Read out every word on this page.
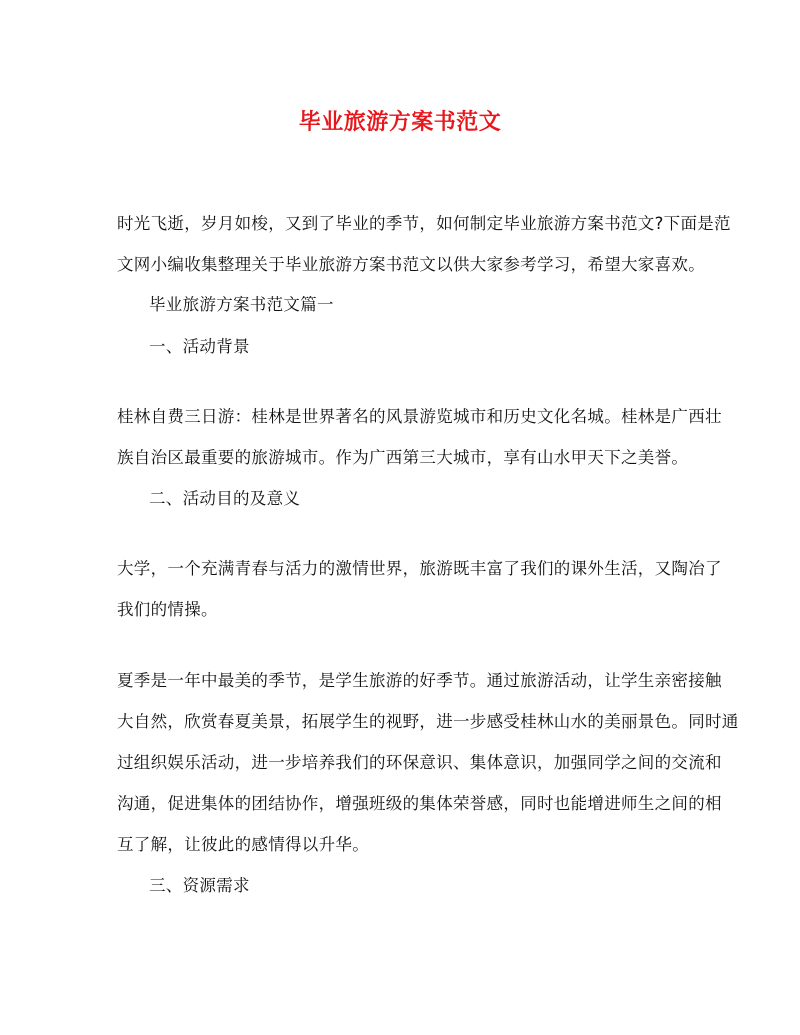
毕业旅游方案书范文
时光飞逝，岁月如梭，又到了毕业的季节，如何制定毕业旅游方案书范文?下面是范
文网小编收集整理关于毕业旅游方案书范文以供大家参考学习，希望大家喜欢。
毕业旅游方案书范文篇一
一、活动背景
桂林自费三日游：桂林是世界著名的风景游览城市和历史文化名城。桂林是广西壮
族自治区最重要的旅游城市。作为广西第三大城市，享有山水甲天下之美誉。
二、活动目的及意义
大学，一个充满青春与活力的激情世界，旅游既丰富了我们的课外生活，又陶冶了
我们的情操。
夏季是一年中最美的季节，是学生旅游的好季节。通过旅游活动，让学生亲密接触
大自然，欣赏春夏美景，拓展学生的视野，进一步感受桂林山水的美丽景色。同时通
过组织娱乐活动，进一步培养我们的环保意识、集体意识，加强同学之间的交流和
沟通，促进集体的团结协作，增强班级的集体荣誉感，同时也能增进师生之间的相
互了解，让彼此的感情得以升华。
三、资源需求
